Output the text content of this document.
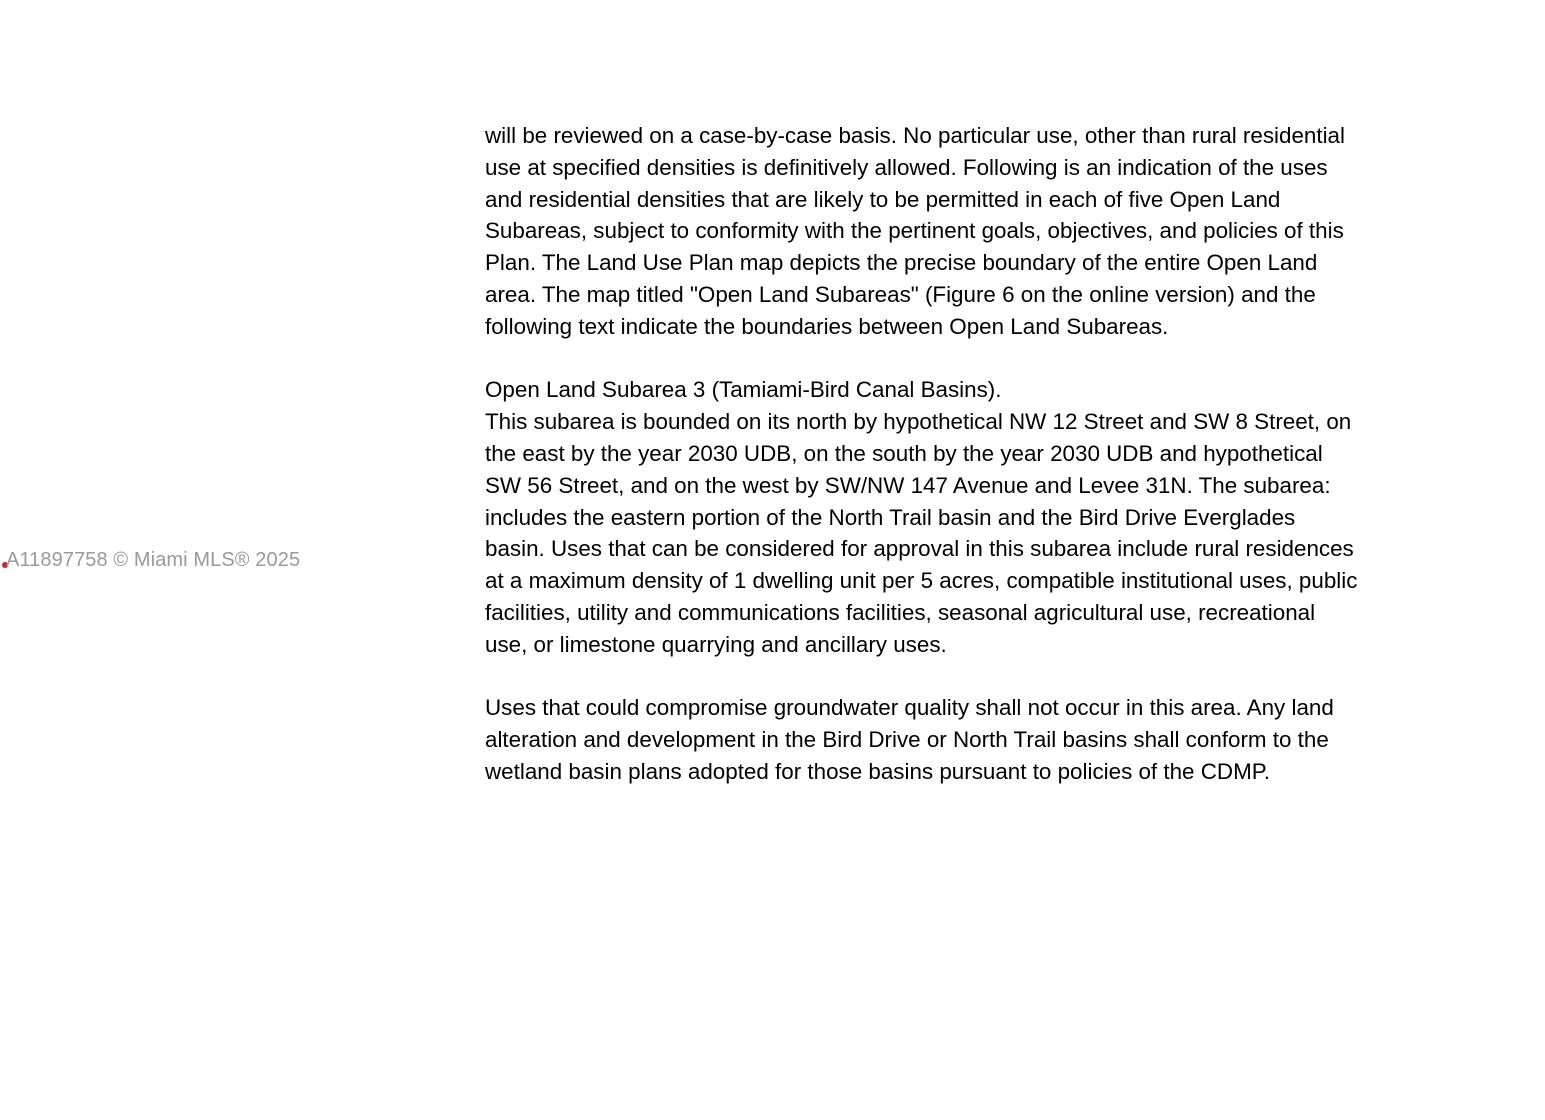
A11897758 © Miami MLS® 2025
will be reviewed on a case-by-case basis. No particular use, other than rural residential
use at specified densities is definitively allowed. Following is an indication of the uses
and residential densities that are likely to be permitted in each of five Open Land
Subareas, subject to conformity with the pertinent goals, objectives, and policies of this
Plan. The Land Use Plan map depicts the precise boundary of the entire Open Land
area. The map titled "Open Land Subareas" (Figure 6 on the online version) and the
following text indicate the boundaries between Open Land Subareas.
Open Land Subarea 3 (Tamiami-Bird Canal Basins).
This subarea is bounded on its north by hypothetical NW 12 Street and SW 8 Street, on
the east by the year 2030 UDB, on the south by the year 2030 UDB and hypothetical
SW 56 Street, and on the west by SW/NW 147 Avenue and Levee 31N. The subarea:
includes the eastern portion of the North Trail basin and the Bird Drive Everglades
basin. Uses that can be considered for approval in this subarea include rural residences
at a maximum density of 1 dwelling unit per 5 acres, compatible institutional uses, public
facilities, utility and communications facilities, seasonal agricultural use, recreational
use, or limestone quarrying and ancillary uses.
Uses that could compromise groundwater quality shall not occur in this area. Any land
alteration and development in the Bird Drive or North Trail basins shall conform to the
wetland basin plans adopted for those basins pursuant to policies of the CDMP.
